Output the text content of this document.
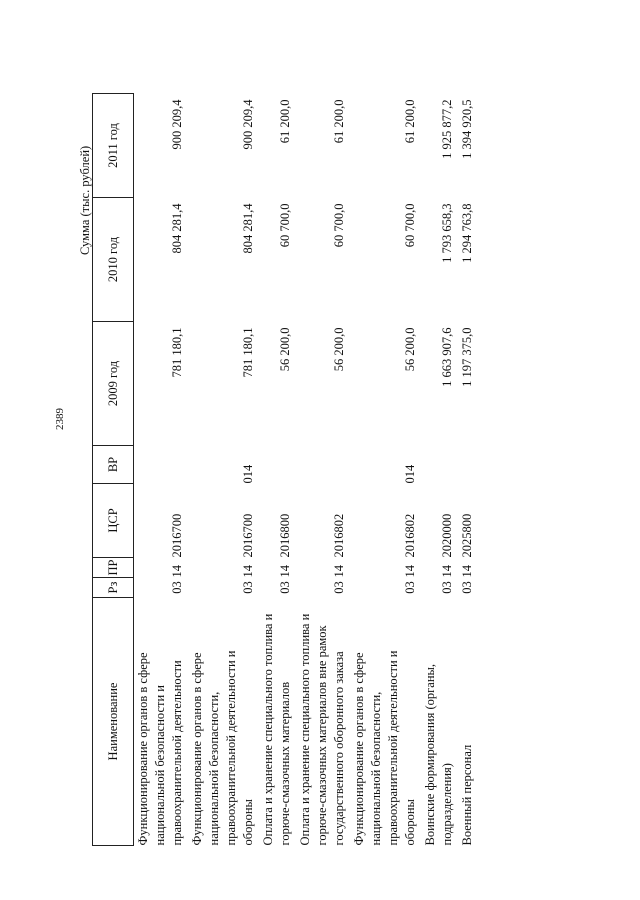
2389
Сумма (тыс. рублей)
Наименование	Рз	ПР	ЦСР	ВР	2009 год	2010 год	2011 год
Функционирование органов в сфере национальной безопасности и правоохранительной деятельности	03	14	2016700		781 180,1	804 281,4	900 209,4
Функционирование органов в сфере национальной безопасности, правоохранительной деятельности и обороны	03	14	2016700	014	781 180,1	804 281,4	900 209,4
Оплата и хранение специального топлива и горюче-смазочных материалов	03	14	2016800		56 200,0	60 700,0	61 200,0
Оплата и хранение специального топлива и горюче-смазочных материалов вне рамок государственного оборонного заказа	03	14	2016802		56 200,0	60 700,0	61 200,0
Функционирование органов в сфере национальной безопасности, правоохранительной деятельности и обороны	03	14	2016802	014	56 200,0	60 700,0	61 200,0
Воинские формирования (органы, подразделения)	03	14	2020000		1 663 907,6	1 793 658,3	1 925 877,2
Военный персонал	03	14	2025800		1 197 375,0	1 294 763,8	1 394 920,5
